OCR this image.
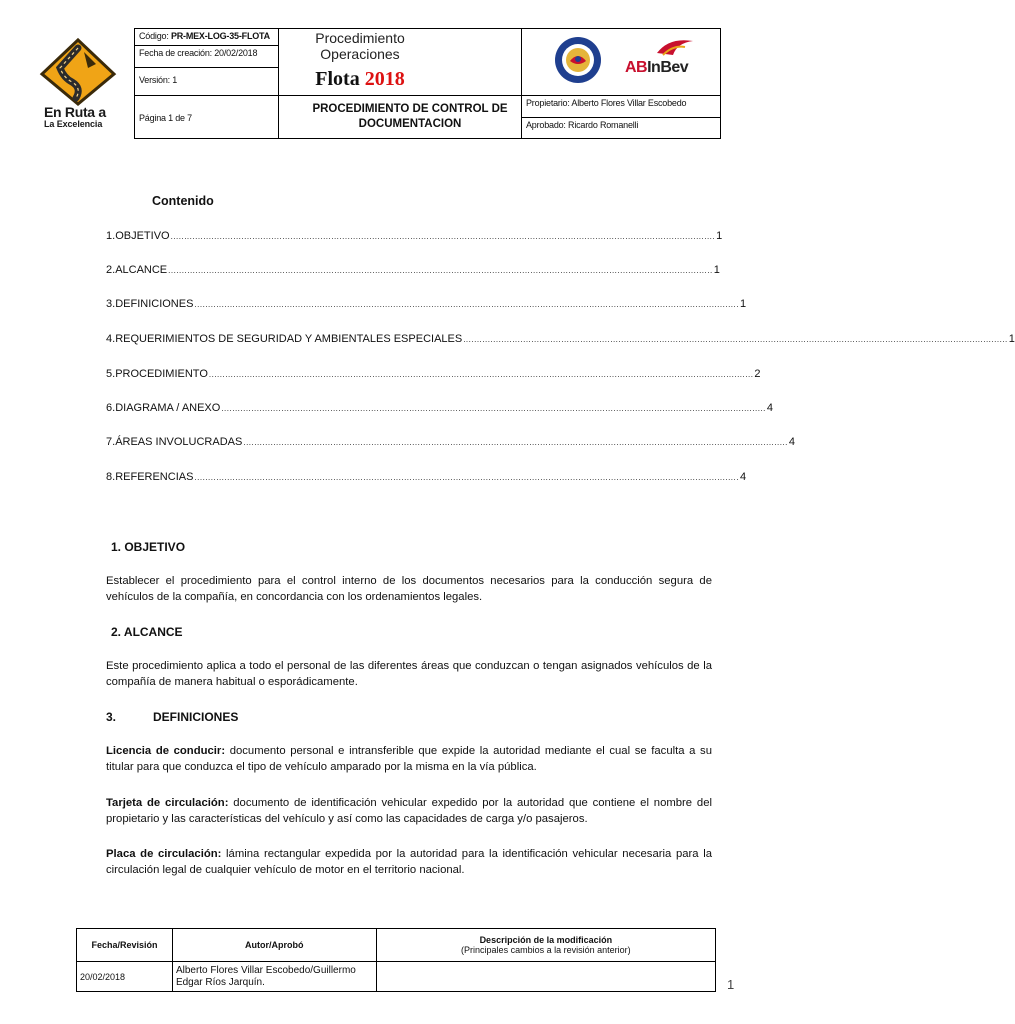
En Ruta a
La Excelencia
Código: PR-MEX-LOG-35-FLOTA
Fecha de creación: 20/02/2018
Versión: 1
Página 1 de 7
Propietario: Alberto Flores Villar Escobedo
Aprobado: Ricardo Romanelli
ABInBev
Procedimiento Operaciones
Flota 2018
PROCEDIMIENTO DE CONTROL DE DOCUMENTACION
Contenido
1. OBJETIVO ........................................................................................................................................................................................................ 1
2. ALCANCE ........................................................................................................................................................................................................ 1
3. DEFINICIONES ........................................................................................................................................................................................................ 1
4. REQUERIMIENTOS DE SEGURIDAD Y AMBIENTALES ESPECIALES ........................................................................................................................................................................................................ 1
5. PROCEDIMIENTO ........................................................................................................................................................................................................ 2
6. DIAGRAMA / ANEXO ........................................................................................................................................................................................................ 4
7. ÁREAS INVOLUCRADAS ........................................................................................................................................................................................................ 4
8. REFERENCIAS ........................................................................................................................................................................................................ 4
1. OBJETIVO
Establecer el procedimiento para el control interno de los documentos necesarios para la conducción segura de vehículos de la compañía, en concordancia con los ordenamientos legales.
2. ALCANCE
Este procedimiento aplica a todo el personal de las diferentes áreas que conduzcan o tengan asignados vehículos de la compañía de manera habitual o esporádicamente.
3.	DEFINICIONES
Licencia de conducir: documento personal e intransferible que expide la autoridad mediante el cual se faculta a su titular para que conduzca el tipo de vehículo amparado por la misma en la vía pública.
Tarjeta de circulación: documento de identificación vehicular expedido por la autoridad que contiene el nombre del propietario y las características del vehículo y así como las capacidades de carga y/o pasajeros.
Placa de circulación: lámina rectangular expedida por la autoridad para la identificación vehicular necesaria para la circulación legal de cualquier vehículo de motor en el territorio nacional.
Fecha/Revisión	Autor/Aprobó	Descripción de la modificación
(Principales cambios a la revisión anterior)

20/02/2018	Alberto Flores Villar Escobedo/Guillermo Edgar Ríos Jarquín.		1
